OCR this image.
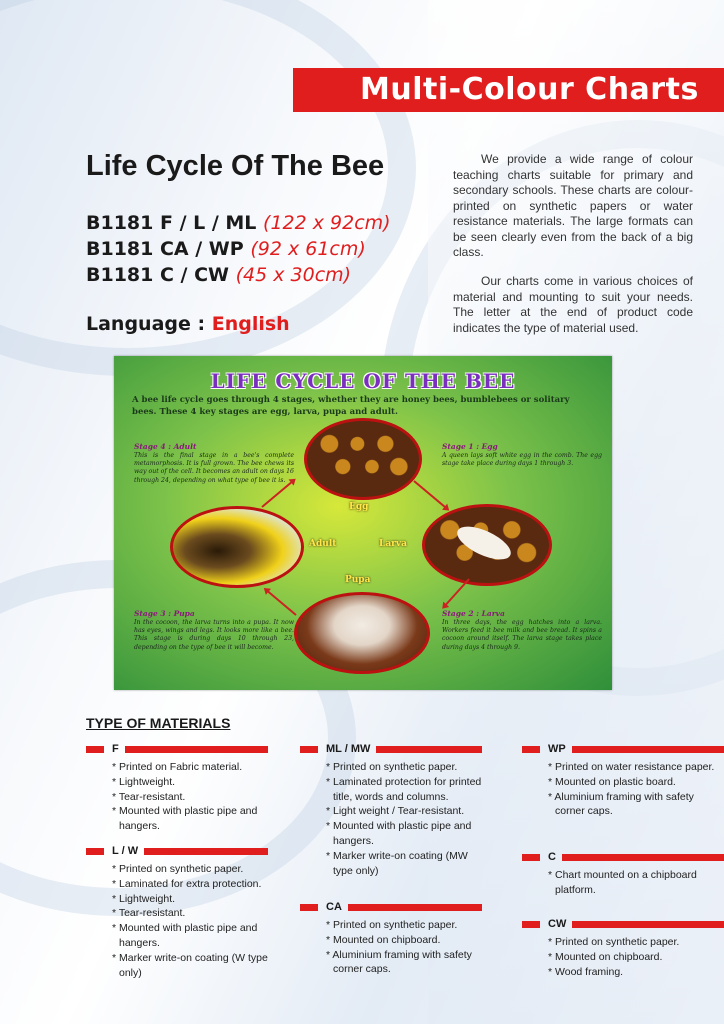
Multi-Colour Charts
Life Cycle Of The Bee
B1181 F / L / ML (122 x 92cm)
B1181 CA / WP (92 x 61cm)
B1181 C / CW (45 x 30cm)
Language : English

We provide a wide range of colour teaching charts suitable for primary and secondary schools. These charts are colour-printed on synthetic papers or water resistance materials. The large formats can be seen clearly even from the back of a big class.

Our charts come in various choices of material and mounting to suit your needs. The letter at the end of product code indicates the type of material used.

LIFE CYCLE OF THE BEE

A bee life cycle goes through 4 stages, whether they are honey bees, bumblebees or solitary bees. These 4 key stages are egg, larva, pupa and adult.

Stage 4 : Adult

This is the final stage in a bee's complete metamorphosis. It is full grown. The bee chews its way out of the cell. It becomes an adult on days 16 through 24, depending on what type of bee it is.

Stage 1 : Egg

A queen lays soft white egg in the comb. The egg stage take place during days 1 through 3.

Stage 3 : Pupa

In the cocoon, the larva turns into a pupa. It now has eyes, wings and legs. It looks more like a bee. This stage is during days 10 through 23, depending on the type of bee it will become.

Stage 2 : Larva

In three days, the egg hatches into a larva. Workers feed it bee milk and bee bread. It spins a cocoon around itself. The larva stage takes place during days 4 through 9.

Egg
Adult	Larva
Pupa
TYPE OF MATERIALS
F
* Printed on Fabric material.
* Lightweight.
* Tear-resistant.
* Mounted with plastic pipe and hangers.
L / W
* Printed on synthetic paper.
* Laminated for extra protection.
* Lightweight.
* Tear-resistant.
* Mounted with plastic pipe and hangers.
* Marker write-on coating (W type only)
ML / MW
* Printed on synthetic paper.
* Laminated protection for printed title, words and columns.
* Light weight / Tear-resistant.
* Mounted with plastic pipe and hangers.
* Marker write-on coating (MW type only)
CA
* Printed on synthetic paper.
* Mounted on chipboard.
* Aluminium framing with safety corner caps.
WP
* Printed on water resistance paper.
* Mounted on plastic board.
* Aluminium framing with safety corner caps.
C
* Chart mounted on a chipboard platform.
CW
* Printed on synthetic paper.
* Mounted on chipboard.
* Wood framing.
